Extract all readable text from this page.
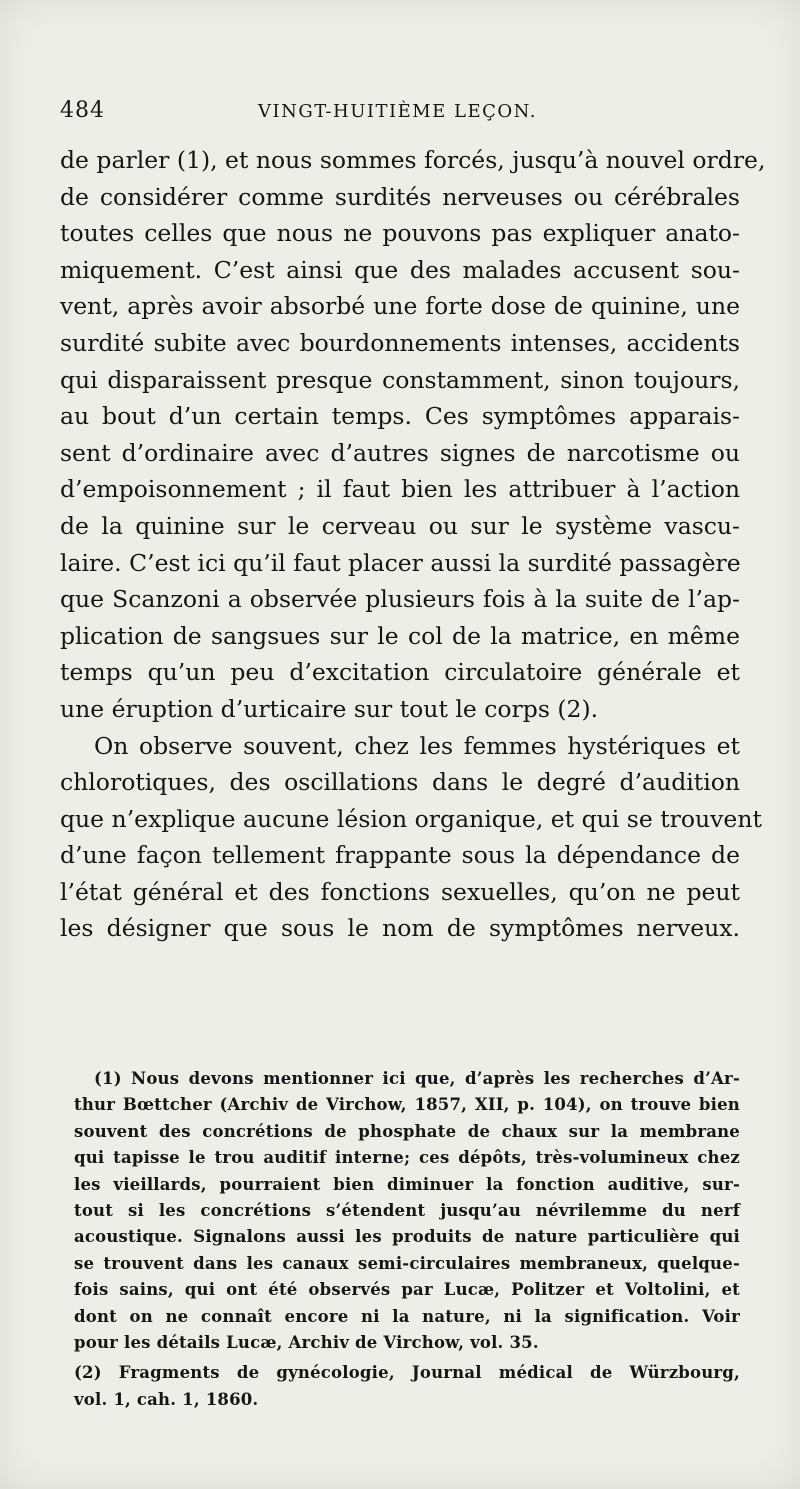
484	VINGT-HUITIÈME LEÇON.
de parler (1), et nous sommes forcés, jusqu’à nouvel ordre,
de considérer comme surdités nerveuses ou cérébrales
toutes celles que nous ne pouvons pas expliquer anato-
miquement. C’est ainsi que des malades accusent sou-
vent, après avoir absorbé une forte dose de quinine, une
surdité subite avec bourdonnements intenses, accidents
qui disparaissent presque constamment, sinon toujours,
au bout d’un certain temps. Ces symptômes apparais-
sent d’ordinaire avec d’autres signes de narcotisme ou
d’empoisonnement ; il faut bien les attribuer à l’action
de la quinine sur le cerveau ou sur le système vascu-
laire. C’est ici qu’il faut placer aussi la surdité passagère
que Scanzoni a observée plusieurs fois à la suite de l’ap-
plication de sangsues sur le col de la matrice, en même
temps qu’un peu d’excitation circulatoire générale et
une éruption d’urticaire sur tout le corps (2).
On observe souvent, chez les femmes hystériques et
chlorotiques, des oscillations dans le degré d’audition
que n’explique aucune lésion organique, et qui se trouvent
d’une façon tellement frappante sous la dépendance de
l’état général et des fonctions sexuelles, qu’on ne peut
les désigner que sous le nom de symptômes nerveux.
(1) Nous devons mentionner ici que, d’après les recherches d’Ar-
thur Bœttcher (Archiv de Virchow, 1857, XII, p. 104), on trouve bien
souvent des concrétions de phosphate de chaux sur la membrane
qui tapisse le trou auditif interne; ces dépôts, très-volumineux chez
les vieillards, pourraient bien diminuer la fonction auditive, sur-
tout si les concrétions s’étendent jusqu’au névrilemme du nerf
acoustique. Signalons aussi les produits de nature particulière qui
se trouvent dans les canaux semi-circulaires membraneux, quelque-
fois sains, qui ont été observés par Lucæ, Politzer et Voltolini, et
dont on ne connaît encore ni la nature, ni la signification. Voir
pour les détails Lucæ, Archiv de Virchow, vol. 35.
(2) Fragments de gynécologie, Journal médical de Würzbourg,
vol. 1, cah. 1, 1860.
